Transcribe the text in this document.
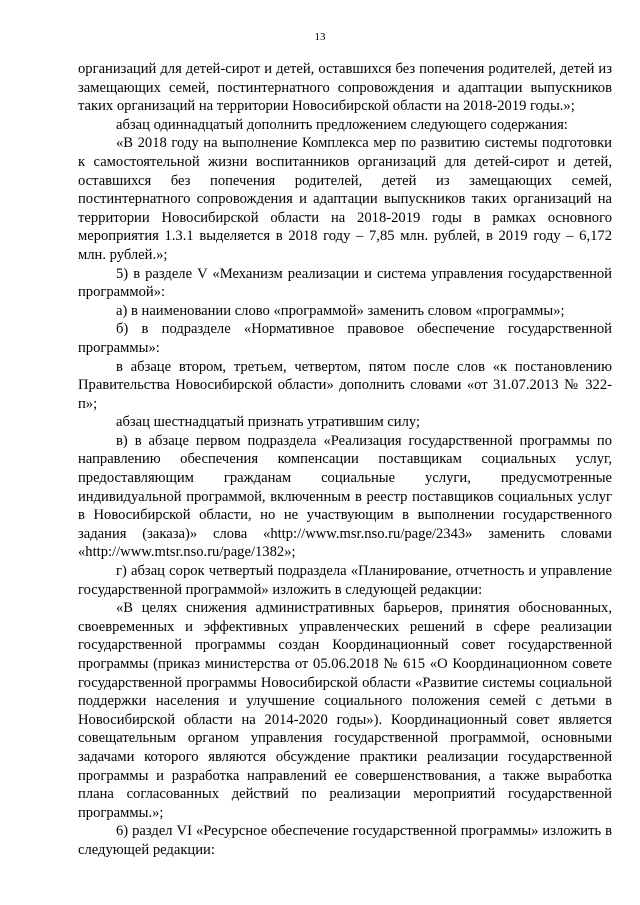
13

организаций для детей-сирот и детей, оставшихся без попечения родителей, детей из замещающих семей, постинтернатного сопровождения и адаптации выпускников таких организаций на территории Новосибирской области на 2018-2019 годы.»;

абзац одиннадцатый дополнить предложением следующего содержания:

«В 2018 году на выполнение Комплекса мер по развитию системы подготовки к самостоятельной жизни воспитанников организаций для детей-сирот и детей, оставшихся без попечения родителей, детей из замещающих семей, постинтернатного сопровождения и адаптации выпускников таких организаций на территории Новосибирской области на 2018-2019 годы в рамках основного мероприятия 1.3.1 выделяется в 2018 году – 7,85 млн. рублей, в 2019 году – 6,172 млн. рублей.»;

5) в разделе V «Механизм реализации и система управления государственной программой»:

а) в наименовании слово «программой» заменить словом «программы»;

б) в подразделе «Нормативное правовое обеспечение государственной программы»:

в абзаце втором, третьем, четвертом, пятом после слов «к постановлению Правительства Новосибирской области» дополнить словами «от 31.07.2013 № 322-п»;

абзац шестнадцатый признать утратившим силу;

в) в абзаце первом подраздела «Реализация государственной программы по направлению обеспечения компенсации поставщикам социальных услуг, предоставляющим гражданам социальные услуги, предусмотренные индивидуальной программой, включенным в реестр поставщиков социальных услуг в Новосибирской области, но не участвующим в выполнении государственного задания (заказа)» слова «http://www.msr.nso.ru/page/2343» заменить словами «http://www.mtsr.nso.ru/page/1382»;

г) абзац сорок четвертый подраздела «Планирование, отчетность и управление государственной программой» изложить в следующей редакции:

«В целях снижения административных барьеров, принятия обоснованных, своевременных и эффективных управленческих решений в сфере реализации государственной программы создан Координационный совет государственной программы (приказ министерства от 05.06.2018 № 615 «О Координационном совете государственной программы Новосибирской области «Развитие системы социальной поддержки населения и улучшение социального положения семей с детьми в Новосибирской области на 2014-2020 годы»). Координационный совет является совещательным органом управления государственной программой, основными задачами которого являются обсуждение практики реализации государственной программы и разработка направлений ее совершенствования, а также выработка плана согласованных действий по реализации мероприятий государственной программы.»;

6) раздел VI «Ресурсное обеспечение государственной программы» изложить в следующей редакции:
